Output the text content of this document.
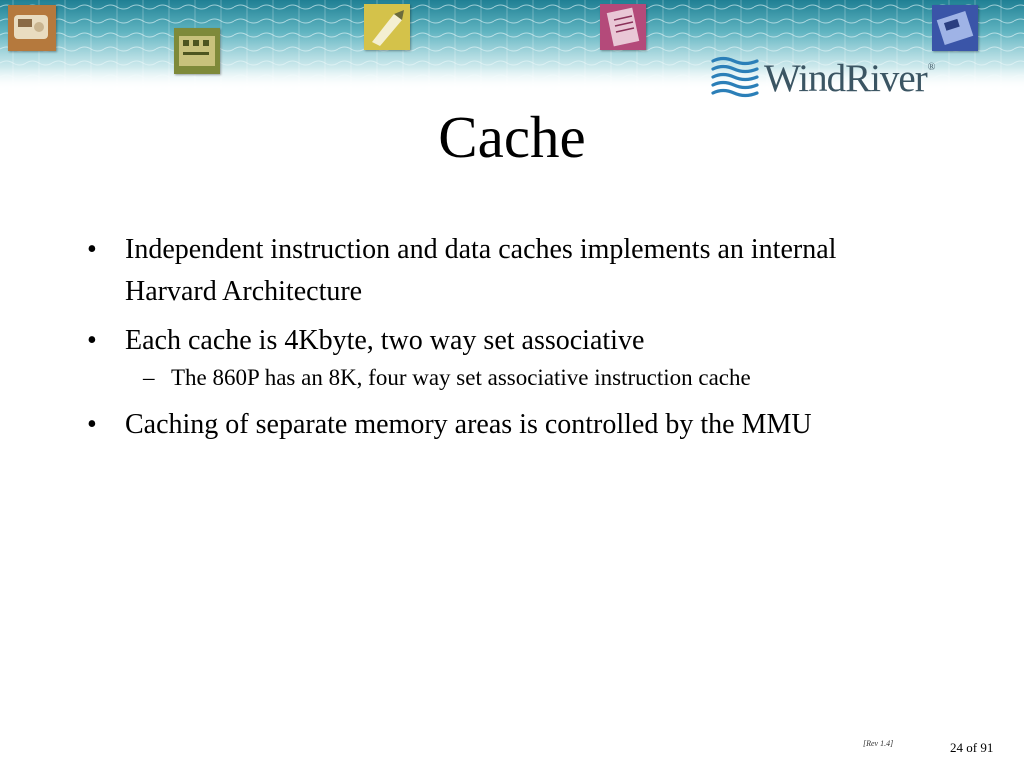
WindRiver®
Cache
• Independent instruction and data caches implements an internal Harvard Architecture
• Each cache is 4Kbyte, two way set associative
– The 860P has an 8K, four way set associative instruction cache
• Caching of separate memory areas is controlled by the MMU
[Rev 1.4]	24 of 91
